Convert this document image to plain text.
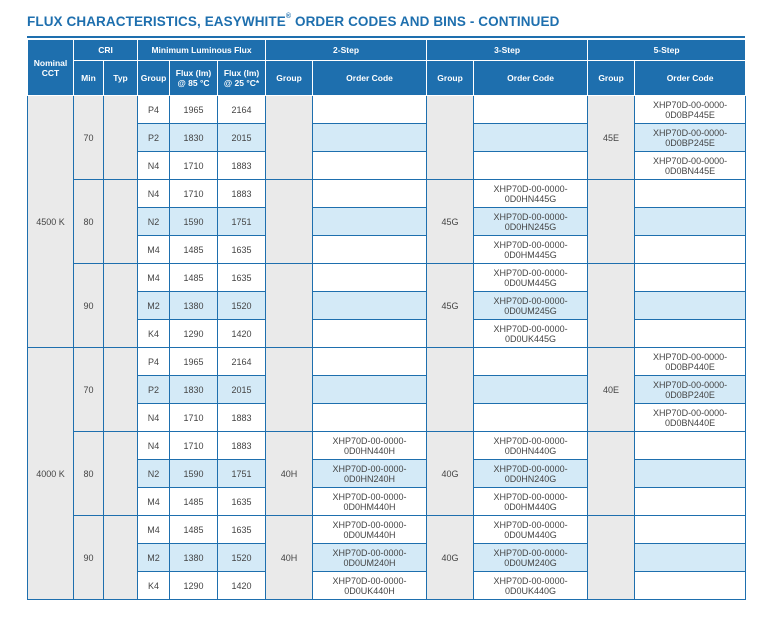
FLUX CHARACTERISTICS, EASYWHITE® ORDER CODES AND BINS - CONTINUED
Nominal CCT	CRI		Minimum Luminous Flux			2-Step		3-Step		5-Step	
	Min	Typ	Group	Flux (lm) @ 85 °C	Flux (lm) @ 25 °C*	Group	Order Code	Group	Order Code	Group	Order Code
4500 K	70		P4	1965	2164					45E	XHP70D-00-0000-0D0BP445E
			P2	1830	2015						XHP70D-00-0000-0D0BP245E
			N4	1710	1883						XHP70D-00-0000-0D0BN445E
	80		N4	1710	1883			45G	XHP70D-00-0000-0D0HN445G		
			N2	1590	1751				XHP70D-00-0000-0D0HN245G		
			M4	1485	1635				XHP70D-00-0000-0D0HM445G		
	90		M4	1485	1635			45G	XHP70D-00-0000-0D0UM445G		
			M2	1380	1520				XHP70D-00-0000-0D0UM245G		
			K4	1290	1420				XHP70D-00-0000-0D0UK445G		
4000 K	70		P4	1965	2164					40E	XHP70D-00-0000-0D0BP440E
			P2	1830	2015						XHP70D-00-0000-0D0BP240E
			N4	1710	1883						XHP70D-00-0000-0D0BN440E
	80		N4	1710	1883	40H	XHP70D-00-0000-0D0HN440H	40G	XHP70D-00-0000-0D0HN440G		
			N2	1590	1751		XHP70D-00-0000-0D0HN240H		XHP70D-00-0000-0D0HN240G		
			M4	1485	1635		XHP70D-00-0000-0D0HM440H		XHP70D-00-0000-0D0HM440G		
	90		M4	1485	1635	40H	XHP70D-00-0000-0D0UM440H	40G	XHP70D-00-0000-0D0UM440G		
			M2	1380	1520		XHP70D-00-0000-0D0UM240H		XHP70D-00-0000-0D0UM240G		
			K4	1290	1420		XHP70D-00-0000-0D0UK440H		XHP70D-00-0000-0D0UK440G		
